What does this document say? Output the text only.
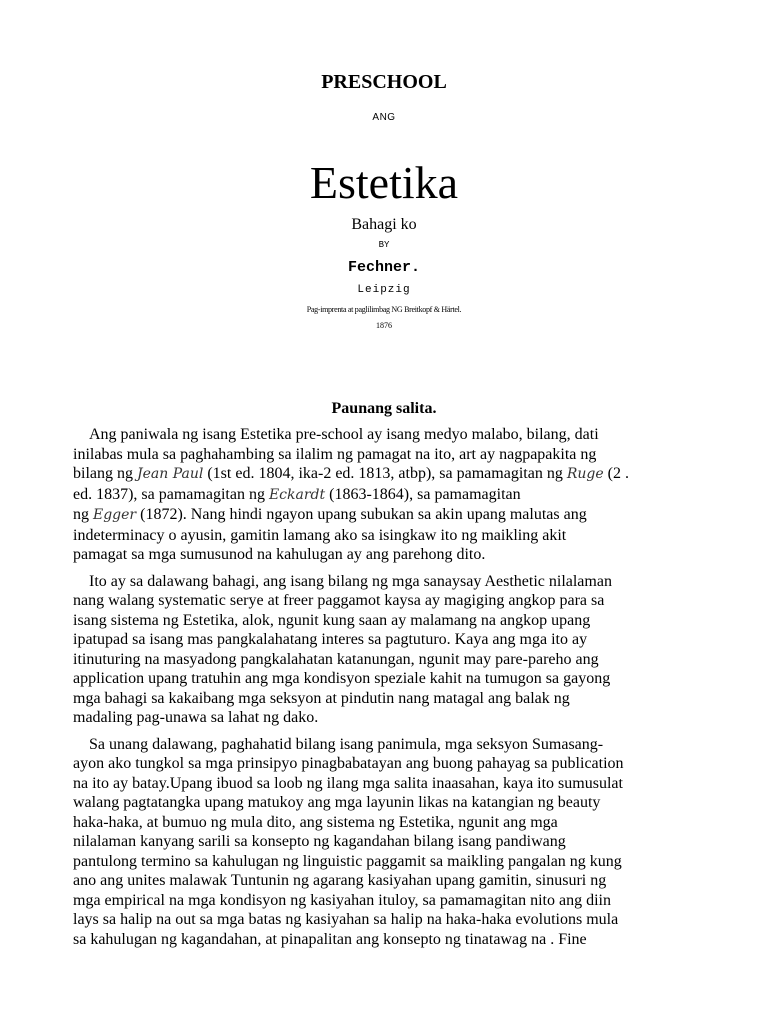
PRESCHOOL
ANG
Estetika
Bahagi ko
BY
Fechner.
Leipzig
Pag-imprenta at paglilimbag NG Breitkopf & Härtel.
1876
Paunang salita.
Ang paniwala ng isang Estetika pre-school ay isang medyo malabo, bilang, dati
inilabas mula sa paghahambing sa ilalim ng pamagat na ito, art ay nagpapakita ng
bilang ng Jean Paul (1st ed. 1804, ika-2 ed. 1813, atbp), sa pamamagitan ng Ruge (2 .
ed. 1837), sa pamamagitan ng Eckardt (1863-1864), sa pamamagitan
ng Egger (1872). Nang hindi ngayon upang subukan sa akin upang malutas ang
indeterminacy o ayusin, gamitin lamang ako sa isingkaw ito ng maikling akit
pamagat sa mga sumusunod na kahulugan ay ang parehong dito.
Ito ay sa dalawang bahagi, ang isang bilang ng mga sanaysay Aesthetic nilalaman
nang walang systematic serye at freer paggamot kaysa ay magiging angkop para sa
isang sistema ng Estetika, alok, ngunit kung saan ay malamang na angkop upang
ipatupad sa isang mas pangkalahatang interes sa pagtuturo. Kaya ang mga ito ay
itinuturing na masyadong pangkalahatan katanungan, ngunit may pare-pareho ang
application upang tratuhin ang mga kondisyon speziale kahit na tumugon sa gayong
mga bahagi sa kakaibang mga seksyon at pindutin nang matagal ang balak ng
madaling pag-unawa sa lahat ng dako.
Sa unang dalawang, paghahatid bilang isang panimula, mga seksyon Sumasang-
ayon ako tungkol sa mga prinsipyo pinagbabatayan ang buong pahayag sa publication
na ito ay batay.Upang ibuod sa loob ng ilang mga salita inaasahan, kaya ito sumusulat
walang pagtatangka upang matukoy ang mga layunin likas na katangian ng beauty
haka-haka, at bumuo ng mula dito, ang sistema ng Estetika, ngunit ang mga
nilalaman kanyang sarili sa konsepto ng kagandahan bilang isang pandiwang
pantulong termino sa kahulugan ng linguistic paggamit sa maikling pangalan ng kung
ano ang unites malawak Tuntunin ng agarang kasiyahan upang gamitin, sinusuri ng
mga empirical na mga kondisyon ng kasiyahan ituloy, sa pamamagitan nito ang diin
lays sa halip na out sa mga batas ng kasiyahan sa halip na haka-haka evolutions mula
sa kahulugan ng kagandahan, at pinapalitan ang konsepto ng tinatawag na . Fine
